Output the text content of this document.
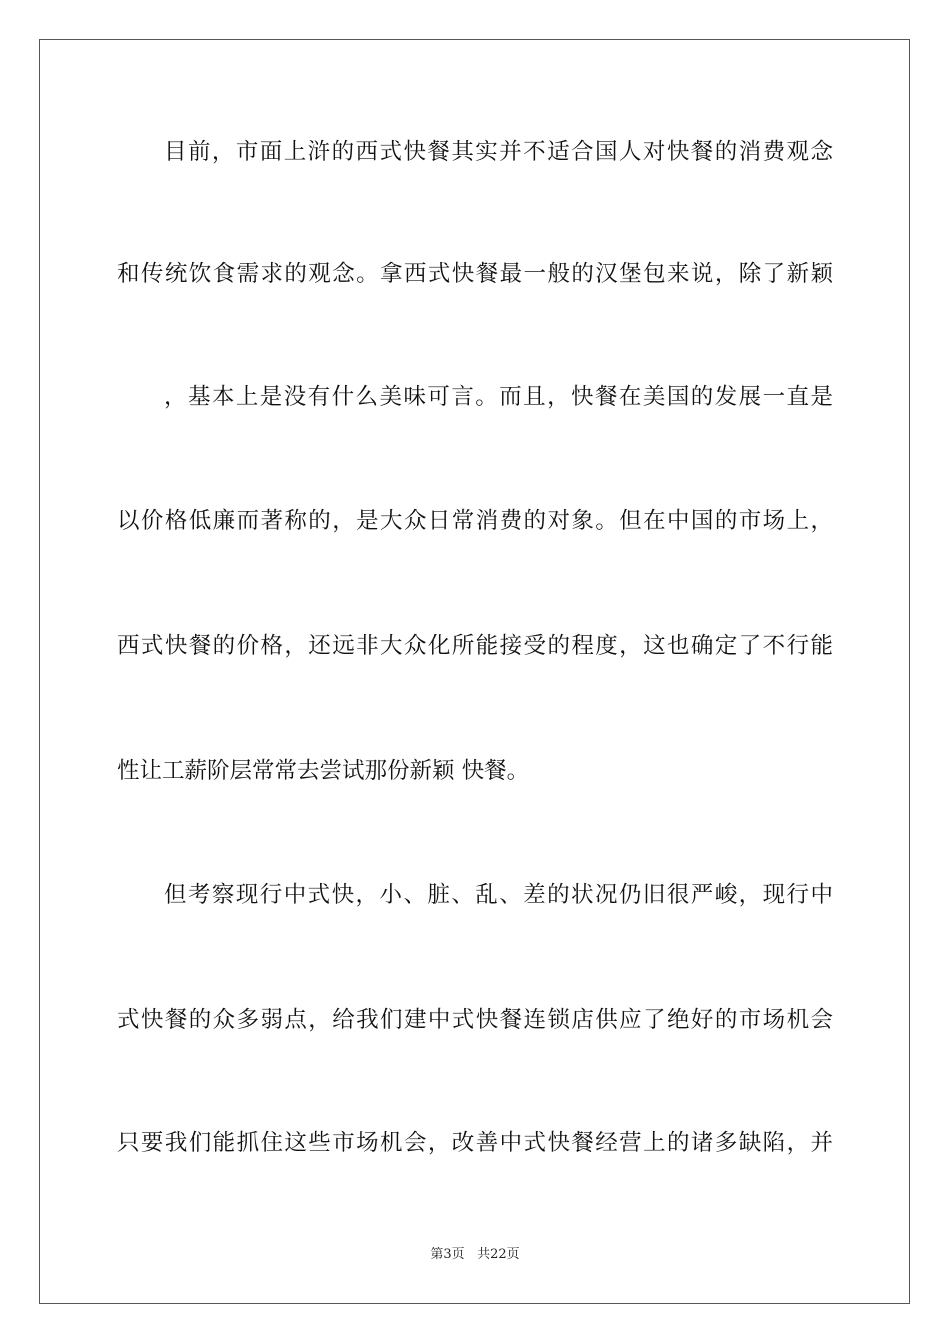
目前，市面上浒的西式快餐其实并不适合国人对快餐的消费观念
和传统饮食需求的观念。拿西式快餐最一般的汉堡包来说，除了新颖
，基本上是没有什么美味可言。而且，快餐在美国的发展一直是
以价格低廉而著称的，是大众日常消费的对象。但在中国的市场上，
西式快餐的价格，还远非大众化所能接受的程度，这也确定了不行能
性让工薪阶层常常去尝试那份新颖 快餐。
但考察现行中式快，小、脏、乱、差的状况仍旧很严峻，现行中
式快餐的众多弱点，给我们建中式快餐连锁店供应了绝好的市场机会
只要我们能抓住这些市场机会，改善中式快餐经营上的诸多缺陷，并
第3页 共22页
